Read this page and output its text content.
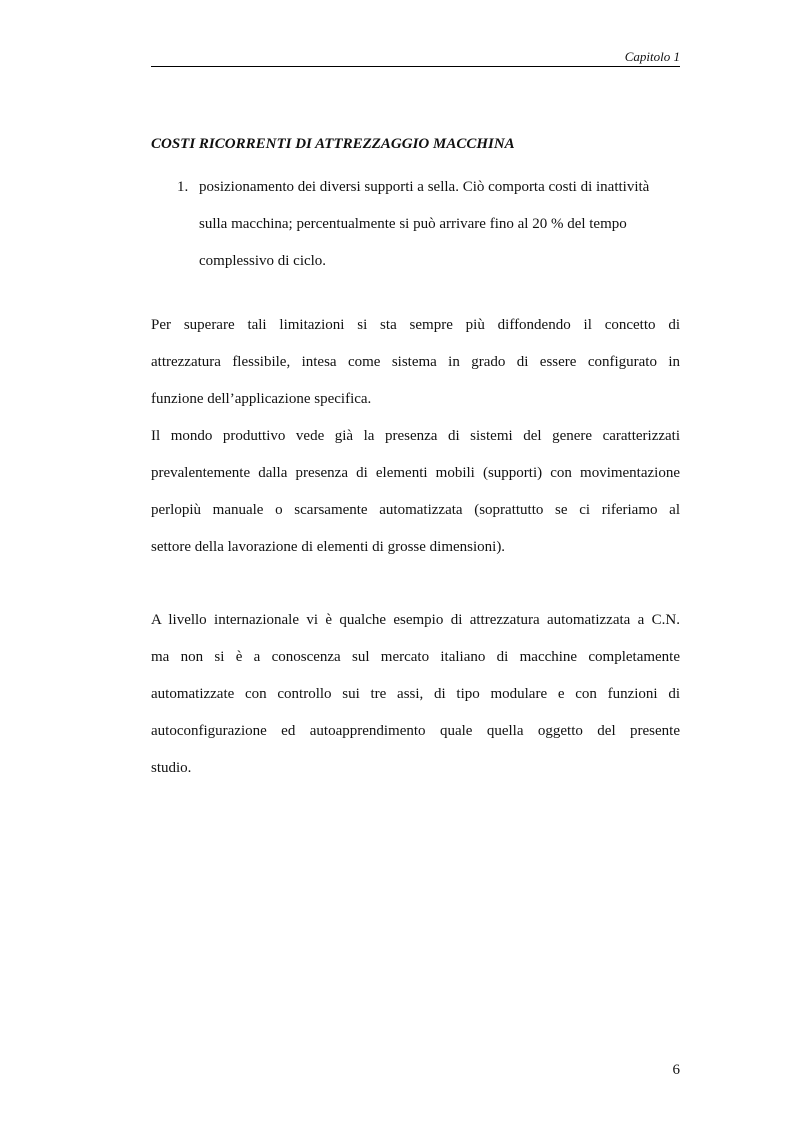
Capitolo 1
COSTI RICORRENTI DI ATTREZZAGGIO MACCHINA
1. posizionamento dei diversi supporti a sella. Ciò comporta costi di inattività
sulla macchina; percentualmente si può arrivare fino al 20 % del tempo
complessivo di ciclo.
Per superare tali limitazioni si sta sempre più diffondendo il concetto di
attrezzatura flessibile, intesa come sistema in grado di essere configurato in
funzione dell’applicazione specifica.
Il mondo produttivo vede già la presenza di sistemi del genere caratterizzati
prevalentemente dalla presenza di elementi mobili (supporti) con movimentazione
perlopiù manuale o scarsamente automatizzata (soprattutto se ci riferiamo al
settore della lavorazione di elementi di grosse dimensioni).
A livello internazionale vi è qualche esempio di attrezzatura automatizzata a C.N.
ma non si è a conoscenza sul mercato italiano di macchine completamente
automatizzate con controllo sui tre assi, di tipo modulare e con funzioni di
autoconfigurazione ed autoapprendimento quale quella oggetto del presente
studio.
6
